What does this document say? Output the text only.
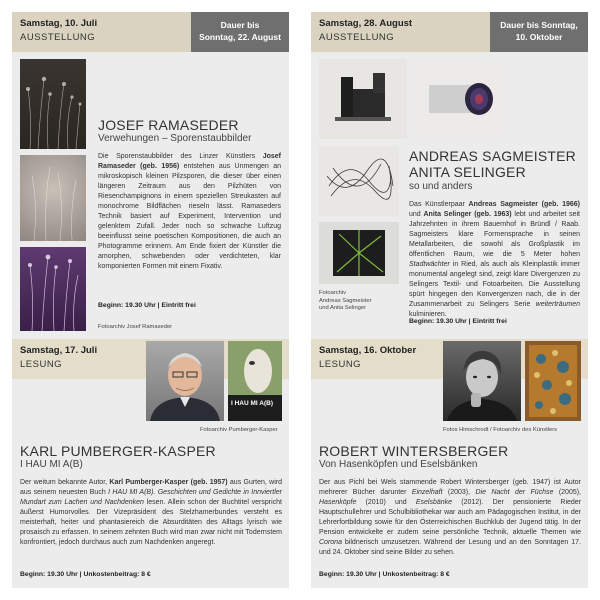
Samstag, 10. Juli
AUSSTELLUNG
Dauer bis
Sonntag, 22. August
JOSEF RAMASEDER
Verwehungen – Sporenstaubbilder
Die Sporenstaubbilder des Linzer Künstlers Josef Ramaseder (geb. 1956) entstehen aus Unmengen an mikroskopisch kleinen Pilzsporen, die dieser über einen längeren Zeitraum aus den Pilzhüten von Riesenchampignons in einem speziellen Streukasten auf monochrome Bildflächen rieseln lässt. Ramaseders Technik basiert auf Experiment, Intervention und gelenktem Zufall. Jeder noch so schwache Luftzug beeinflusst seine poetischen Kompositionen, die auch an Photogramme erinnern. Am Ende fixiert der Künstler die amorphen, schwebenden oder verdichteten, klar komponierten Formen mit einem Fixativ.
Beginn: 19.30 Uhr | Eintritt frei
Fotoarchiv Josef Ramaseder
Samstag, 28. August
AUSSTELLUNG
Dauer bis Sonntag,
10. Oktober
Fotoarchiv
Andreas Sagmeister
und Anita Selinger
ANDREAS SAGMEISTER
ANITA SELINGER
so und anders
Das Künstlerpaar Andreas Sagmeister (geb. 1966) und Anita Selinger (geb. 1963) lebt und arbeitet seit Jahrzehnten in ihrem Bauernhof in Bründl / Raab. Sagmeisters klare Formensprache in seinen Metallarbeiten, die sowohl als Großplastik im öffentlichen Raum, wie die 5 Meter hohen Stadtwächter in Ried, als auch als Kleinplastik immer monumental angelegt sind, zeigt klare Divergenzen zu Selingers Textil- und Fotoarbeiten. Die Ausstellung spürt hingegen den Konvergenzen nach, die in der Zusammenarbeit zu Selingers Serie weiterträumen kulminieren.
Beginn: 19.30 Uhr | Eintritt frei
Samstag, 17. Juli
LESUNG
I HAU MI A(B)
Fotoarchiv Pumberger-Kasper
KARL PUMBERGER-KASPER
I HAU MI A(B)
Der weitum bekannte Autor, Karl Pumberger-Kasper (geb. 1957) aus Gurten, wird aus seinem neuesten Buch I HAU MI A(B). Geschichten und Gedichte in Innviertler Mundart zum Lachen und Nachdenken lesen. Allein schon der Buchtitel verspricht äußerst Humorvolles. Der Vizepräsident des Stelzhamerbundes versteht es meisterhaft, heiter und phantasiereich die Absurditäten des Alltags lyrisch wie prosaisch zu erfassen. In seinem zehnten Buch wird man zwar nicht mit Todernstem konfrontiert, jedoch durchaus auch zum Nachdenken angeregt.
Beginn: 19.30 Uhr | Unkostenbeitrag: 8 €
Samstag, 16. Oktober
LESUNG
Fotos Himschrodt / Fotoarchiv des Künstlers
ROBERT WINTERSBERGER
Von Hasenköpfen und Eselsbänken
Der aus Pichl bei Wels stammende Robert Wintersberger (geb. 1947) ist Autor mehrerer Bücher darunter Einzelhaft (2003), Die Nacht der Füchse (2005), Hasenköpfe (2010) und Eselsbänke (2012). Der pensionierte Rieder Hauptschullehrer und Schulbibliothekar war auch am Pädagogischen Institut, in der Lehrerfortbildung sowie für den Österreichischen Buchklub der Jugend tätig. In der Pension entwickelte er zudem seine persönliche Technik, aktuelle Themen wie Corona bildnerisch umzusetzen. Während der Lesung und an den Sonntagen 17. und 24. Oktober sind seine Bilder zu sehen.
Beginn: 19.30 Uhr | Unkostenbeitrag: 8 €
